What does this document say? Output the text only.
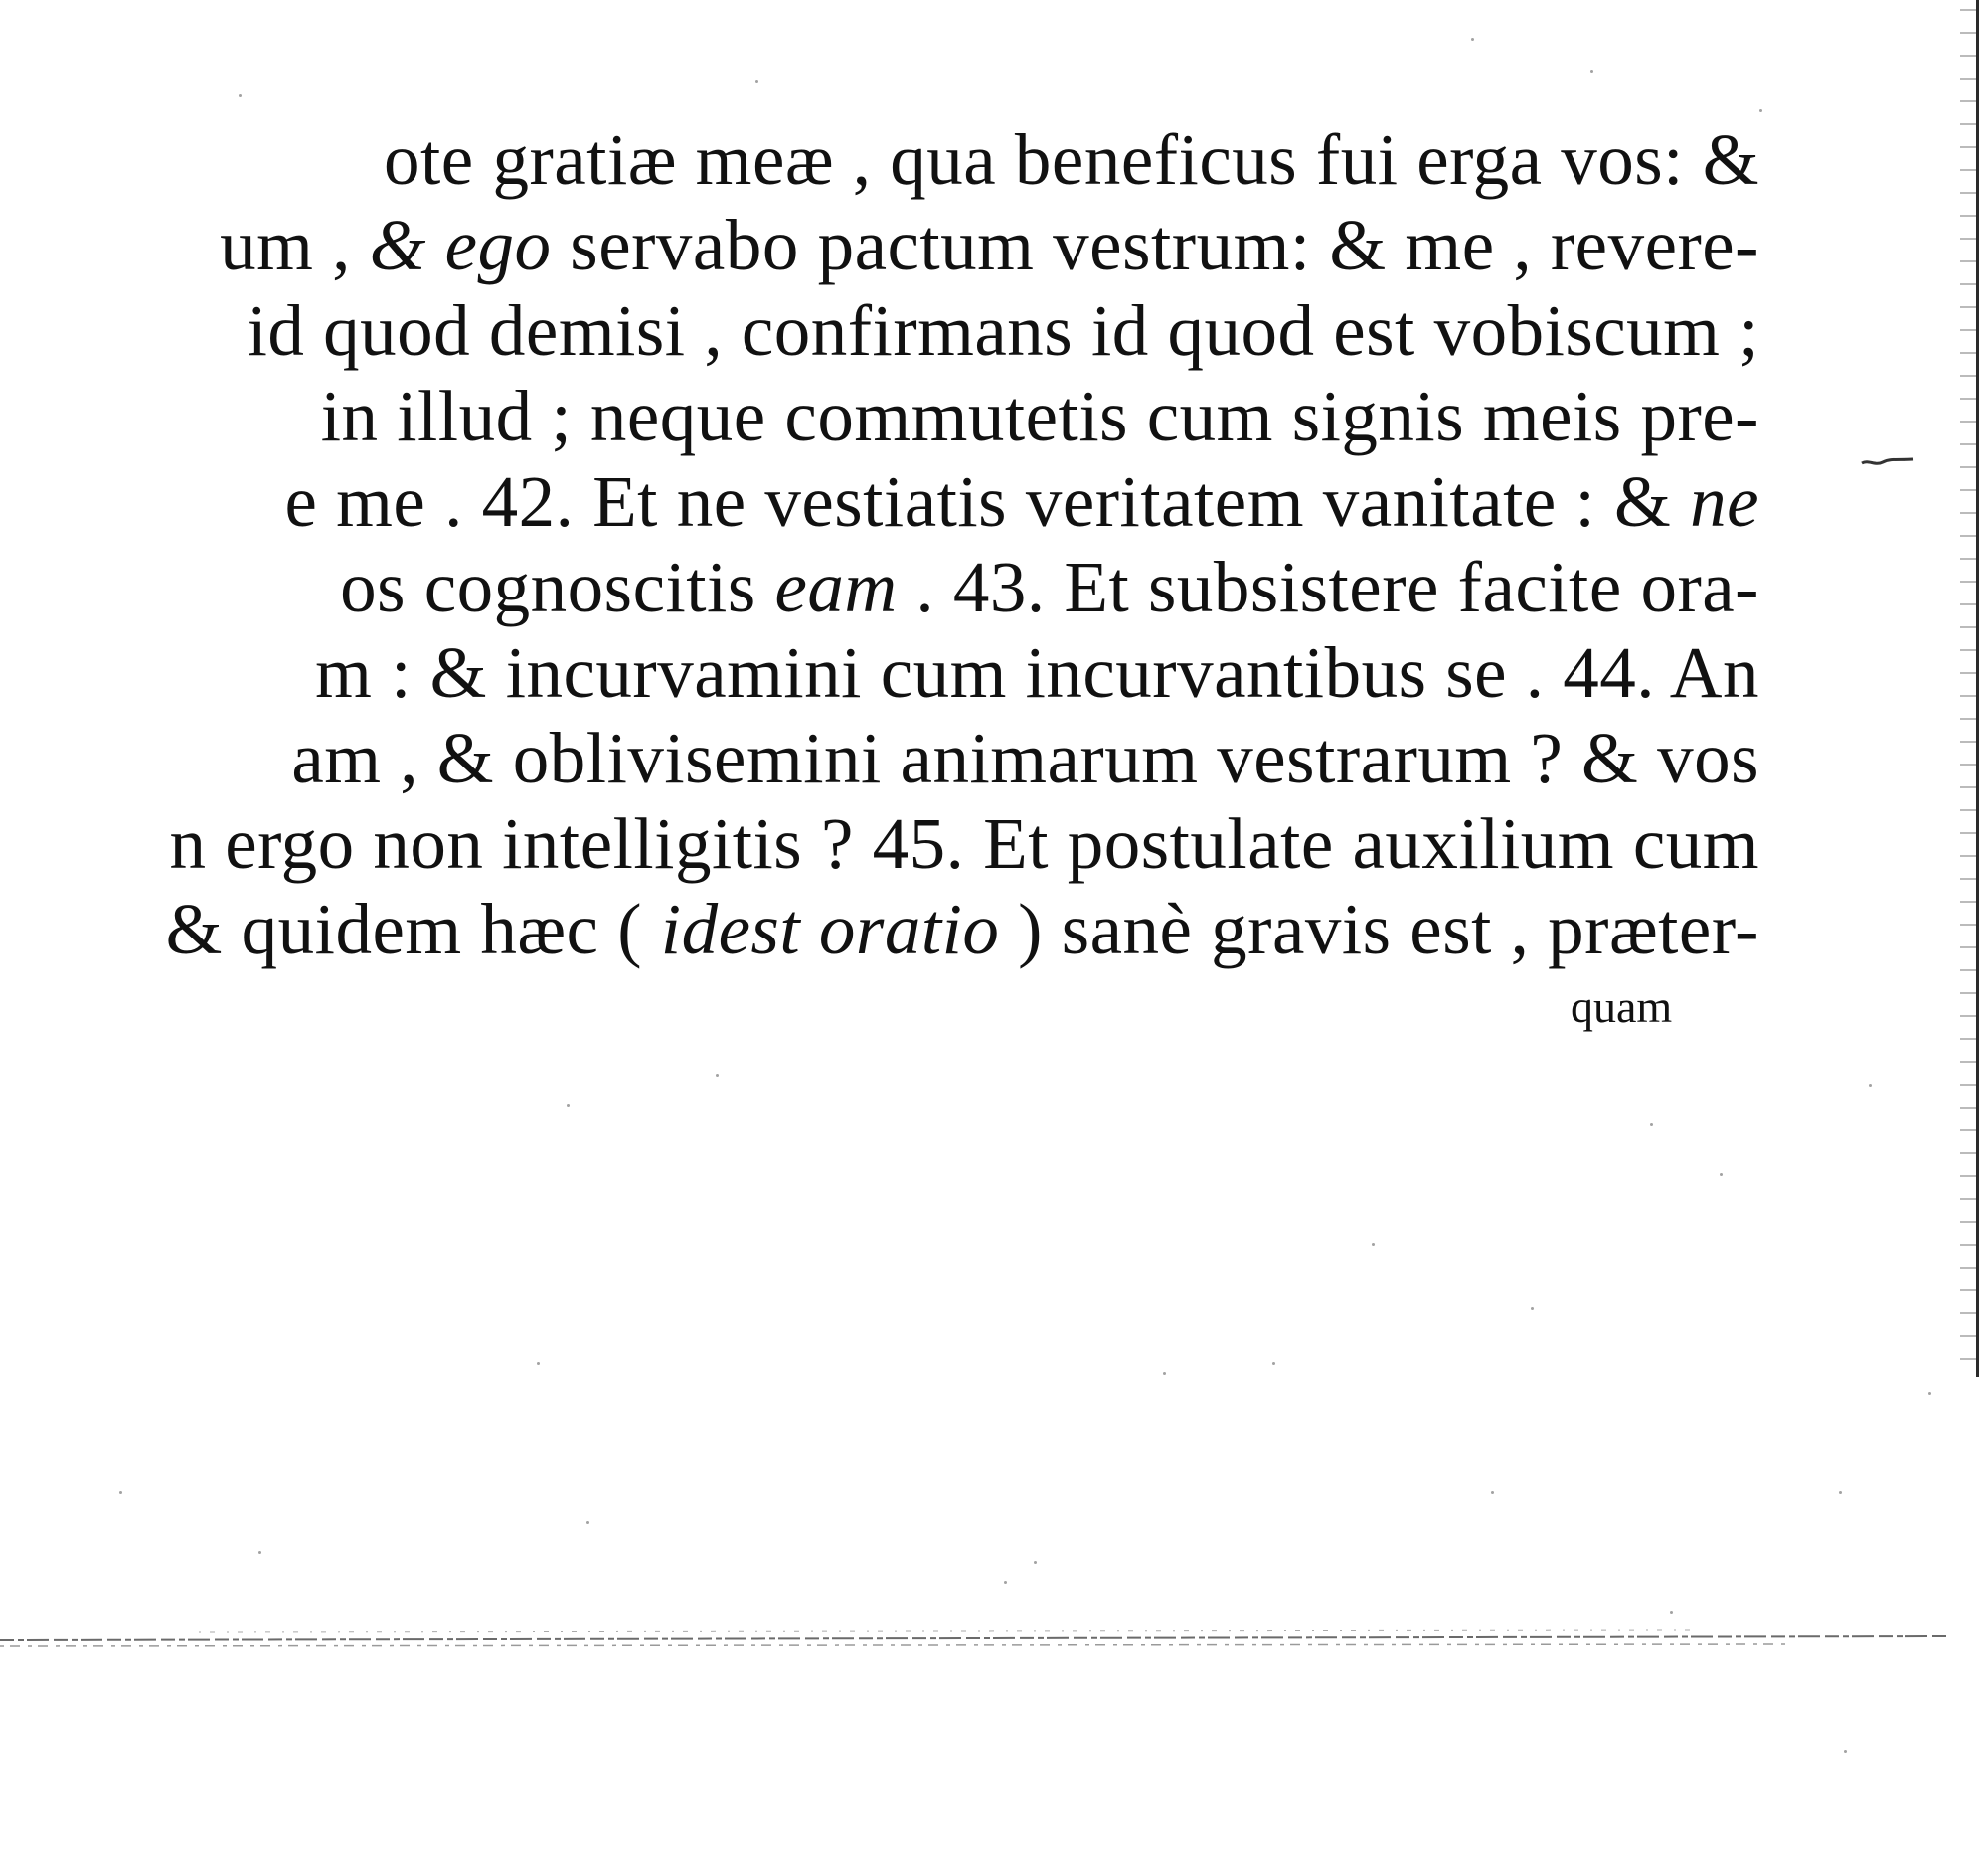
ote gratiæ meæ , qua beneficus fui erga vos: &
um , & ego servabo pactum vestrum: & me , revere-
id quod demisi , confirmans id quod est vobiscum ;
in illud ; neque commutetis cum signis meis pre-
e me . 42. Et ne vestiatis veritatem vanitate : & ne
os cognoscitis eam . 43. Et subsistere facite ora-
m : & incurvamini cum incurvantibus se . 44. An
am , & oblivisemini animarum vestrarum ? & vos
n ergo non intelligitis ? 45. Et postulate auxilium cum
& quidem hæc ( idest oratio ) sanè gravis est , præter-
quam
